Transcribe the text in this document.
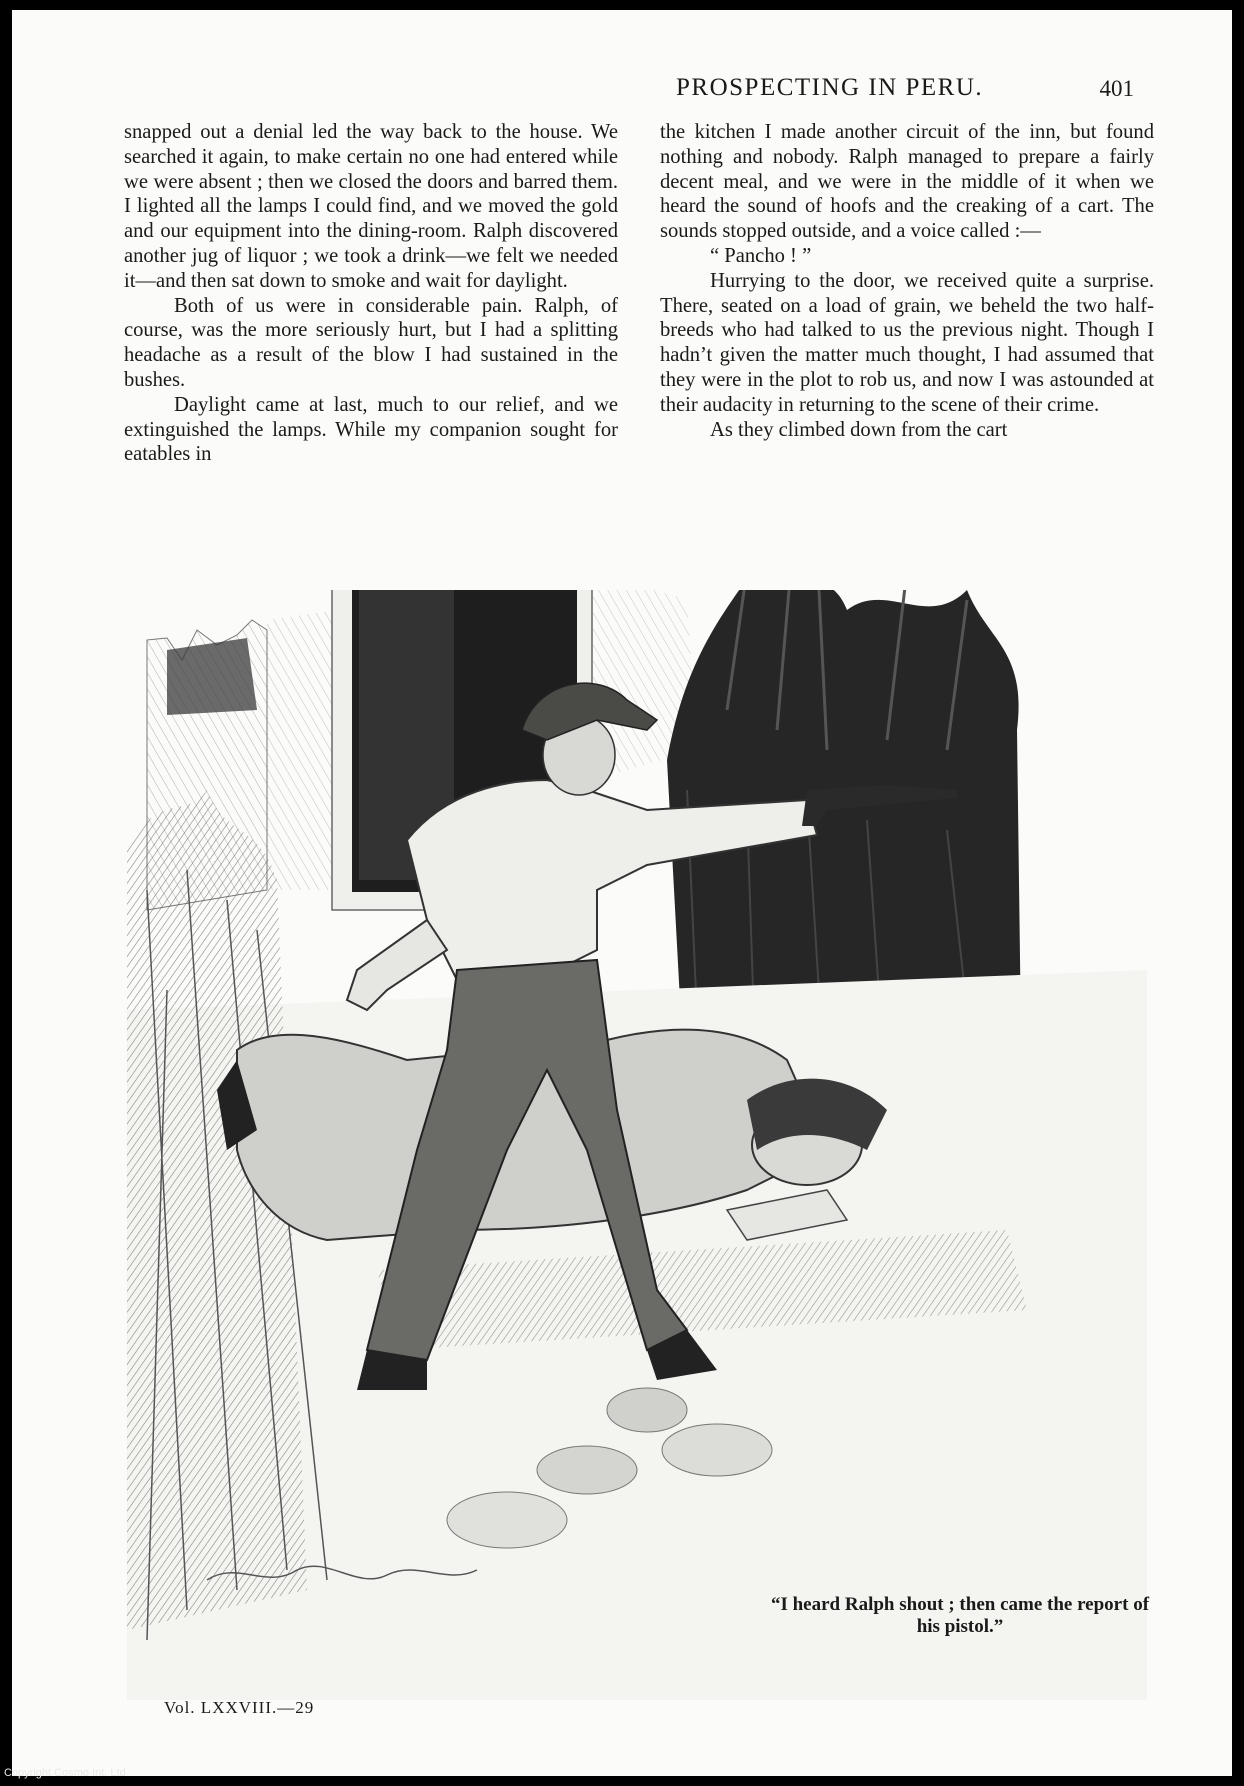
PROSPECTING IN PERU.	401

snapped out a denial led the way back to the house. We searched it again, to make certain no one had entered while we were absent ; then we closed the doors and barred them. I lighted all the lamps I could find, and we moved the gold and our equipment into the dining-room. Ralph discovered another jug of liquor ; we took a drink—we felt we needed it—and then sat down to smoke and wait for daylight.

Both of us were in considerable pain. Ralph, of course, was the more seriously hurt, but I had a splitting headache as a result of the blow I had sustained in the bushes.

Daylight came at last, much to our relief, and we extinguished the lamps. While my companion sought for eatables in

the kitchen I made another circuit of the inn, but found nothing and nobody. Ralph managed to prepare a fairly decent meal, and we were in the middle of it when we heard the sound of hoofs and the creaking of a cart. The sounds stopped outside, and a voice called :—

“ Pancho ! ”

Hurrying to the door, we received quite a surprise. There, seated on a load of grain, we beheld the two half-breeds who had talked to us the previous night. Though I hadn’t given the matter much thought, I had assumed that they were in the plot to rob us, and now I was astounded at their audacity in returning to the scene of their crime.

As they climbed down from the cart

“I heard Ralph shout ; then came the report of his pistol.”
Vol. LXXVIII.—29
Copyright Cosmo Int. Ltd
